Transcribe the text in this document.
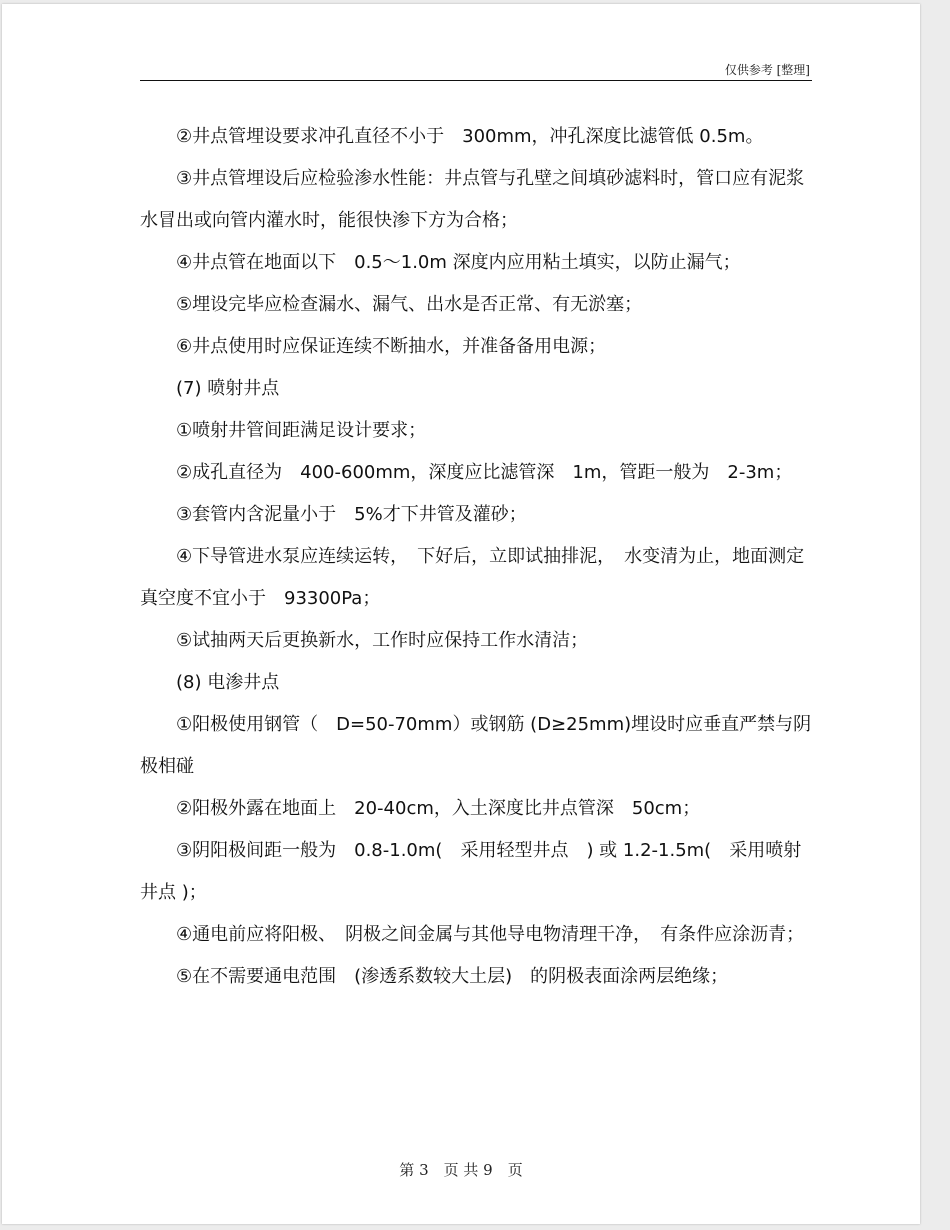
仅供参考 [整理]

②井点管埋设要求冲孔直径不小于　300mm，冲孔深度比滤管低 0.5m。

③井点管埋设后应检验渗水性能：井点管与孔壁之间填砂滤料时，管口应有泥浆水冒出或向管内灌水时，能很快渗下方为合格；

④井点管在地面以下　0.5～1.0m 深度内应用粘土填实，以防止漏气；

⑤埋设完毕应检查漏水、漏气、出水是否正常、有无淤塞；

⑥井点使用时应保证连续不断抽水，并准备备用电源；

(7) 喷射井点

①喷射井管间距满足设计要求；

②成孔直径为　400-600mm，深度应比滤管深　1m，管距一般为　2-3m；

③套管内含泥量小于　5%才下井管及灌砂；

④下导管进水泵应连续运转，　下好后，立即试抽排泥，　水变清为止，地面测定真空度不宜小于　93300Pa；

⑤试抽两天后更换新水，工作时应保持工作水清洁；

(8) 电渗井点

①阳极使用钢管（　D=50-70mm）或钢筋 (D≥25mm)埋设时应垂直严禁与阴极相碰

②阳极外露在地面上　20-40cm，入土深度比井点管深　50cm；

③阴阳极间距一般为　0.8-1.0m(　采用轻型井点　) 或 1.2-1.5m(　采用喷射井点 )；

④通电前应将阳极、　阴极之间金属与其他导电物清理干净，　有条件应涂沥青；

⑤在不需要通电范围　(渗透系数较大土层)　的阴极表面涂两层绝缘；

第 3　页 共 9　页
